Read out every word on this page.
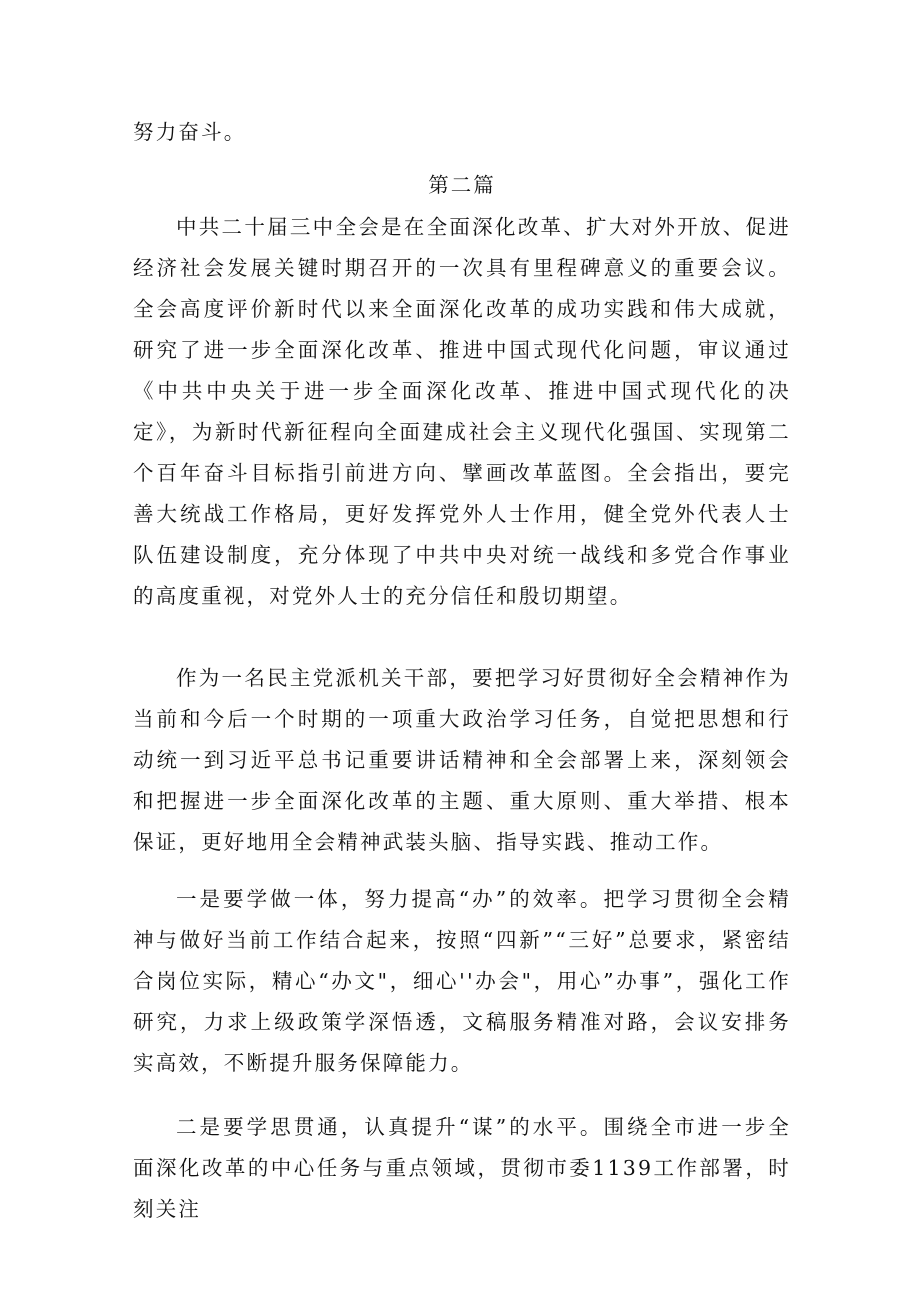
努力奋斗。
第二篇
中共二十届三中全会是在全面深化改革、扩大对外开放、促进经济社会发展关键时期召开的一次具有里程碑意义的重要会议。全会高度评价新时代以来全面深化改革的成功实践和伟大成就，研究了进一步全面深化改革、推进中国式现代化问题，审议通过《中共中央关于进一步全面深化改革、推进中国式现代化的决定》，为新时代新征程向全面建成社会主义现代化强国、实现第二个百年奋斗目标指引前进方向、擘画改革蓝图。全会指出，要完善大统战工作格局，更好发挥党外人士作用，健全党外代表人士队伍建设制度，充分体现了中共中央对统一战线和多党合作事业的高度重视，对党外人士的充分信任和殷切期望。
作为一名民主党派机关干部，要把学习好贯彻好全会精神作为当前和今后一个时期的一项重大政治学习任务，自觉把思想和行动统一到习近平总书记重要讲话精神和全会部署上来，深刻领会和把握进一步全面深化改革的主题、重大原则、重大举措、根本保证，更好地用全会精神武装头脑、指导实践、推动工作。
一是要学做一体，努力提高“办”的效率。把学习贯彻全会精神与做好当前工作结合起来，按照“四新”“三好”总要求，紧密结合岗位实际，精心“办文"，细心''办会"，用心”办事”，强化工作研究，力求上级政策学深悟透，文稿服务精准对路，会议安排务实高效，不断提升服务保障能力。
二是要学思贯通，认真提升“谋”的水平。围绕全市进一步全面深化改革的中心任务与重点领域，贯彻市委1139工作部署，时刻关注
